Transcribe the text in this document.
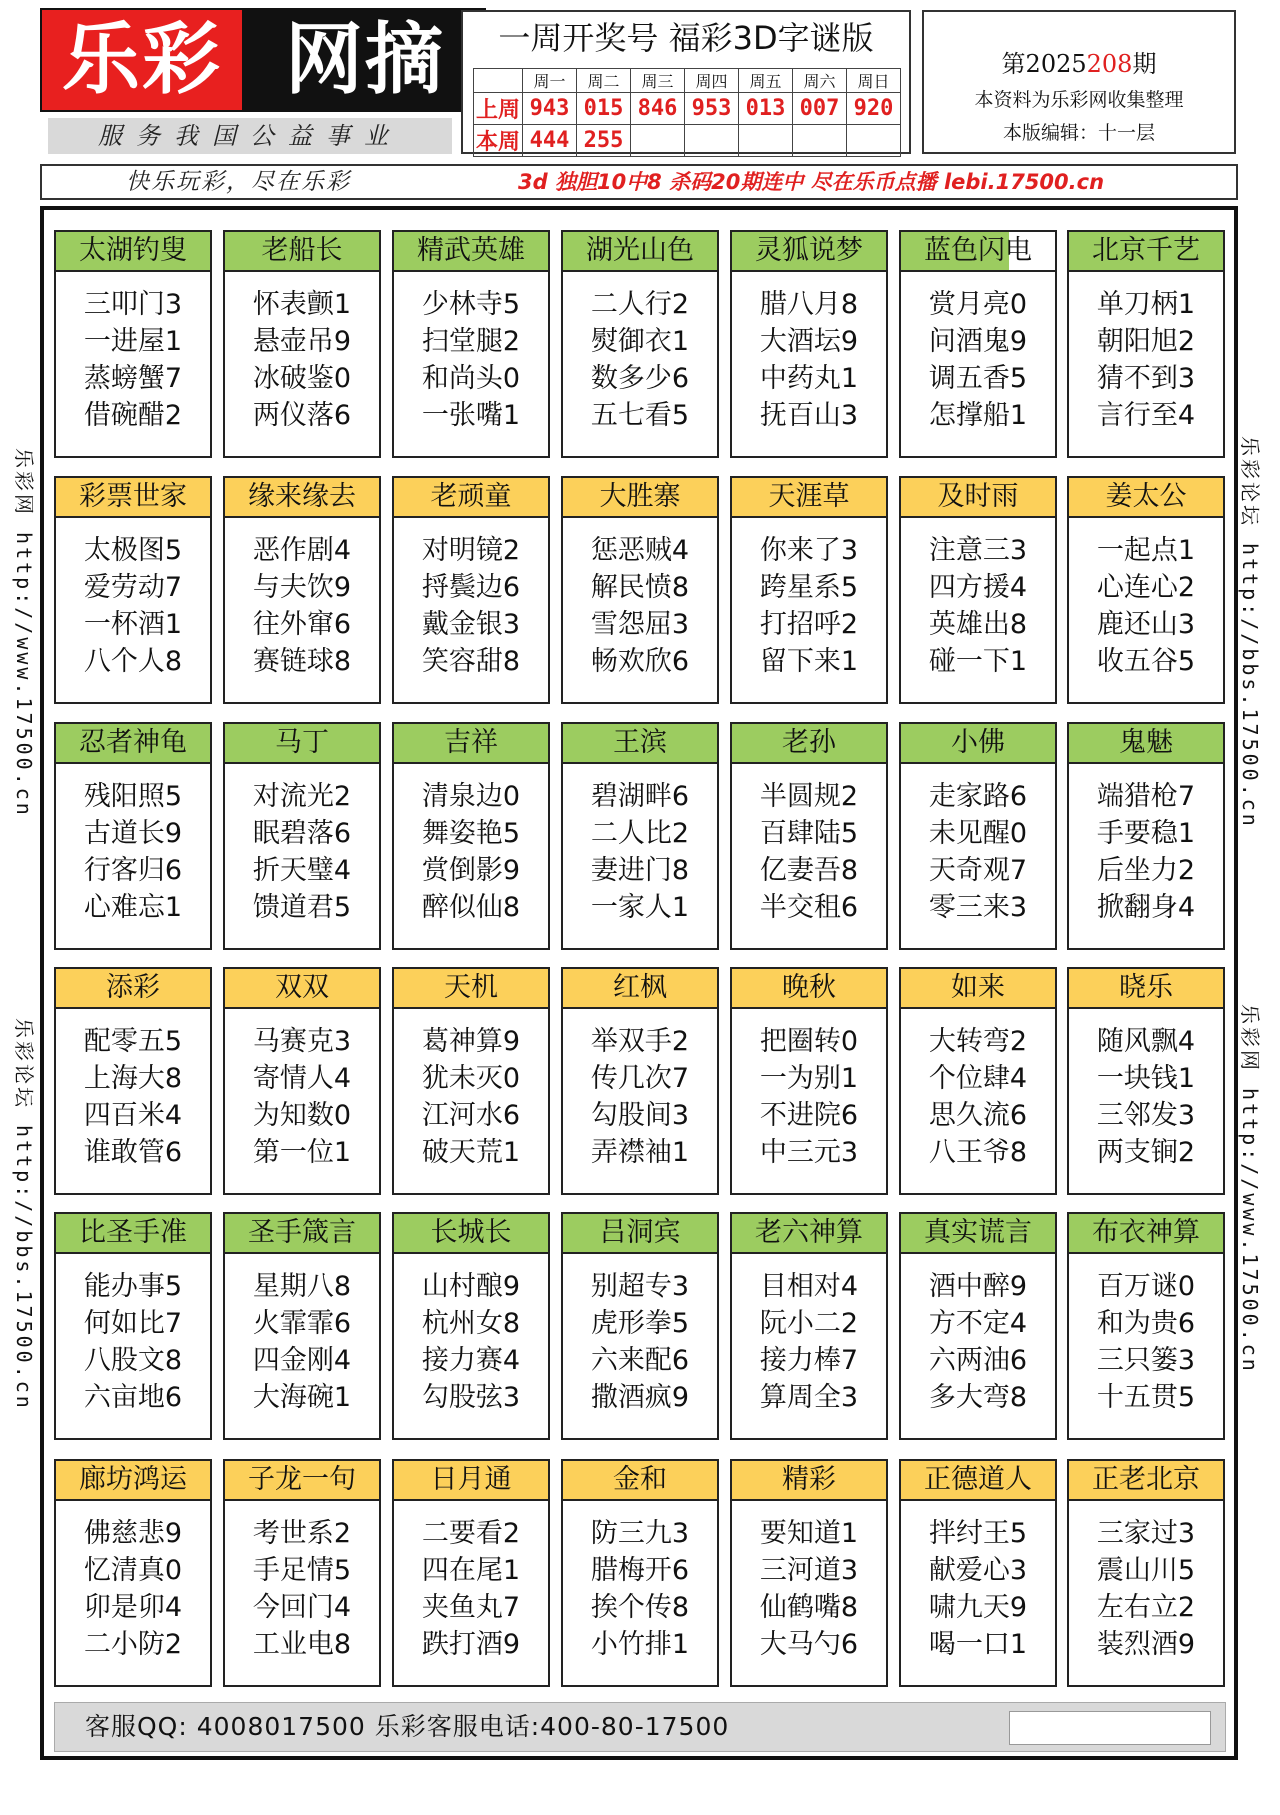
乐彩 网摘
服务我国公益事业
一周开奖号 福彩3D字谜版
	周一	周二	周三	周四	周五	周六	周日
上周	943	015	846	953	013	007	920
本周	444	255					
第2025208期
本资料为乐彩网收集整理
本版编辑：十一层
快乐玩彩，尽在乐彩	3d 独胆10中8 杀码20期连中 尽在乐币点播 lebi.17500.cn
乐彩网 http://www.17500.cn
乐彩论坛 http://bbs.17500.cn
乐彩论坛 http://bbs.17500.cn
乐彩网 http://www.17500.cn
太湖钓叟
三叩门3
一进屋1
蒸螃蟹7
借碗醋2
老船长
怀表颤1
悬壶吊9
冰破鉴0
两仪落6
精武英雄
少林寺5
扫堂腿2
和尚头0
一张嘴1
湖光山色
二人行2
熨御衣1
数多少6
五七看5
灵狐说梦
腊八月8
大酒坛9
中药丸1
抚百山3
蓝色闪电
赏月亮0
问酒鬼9
调五香5
怎撑船1
北京千艺
单刀柄1
朝阳旭2
猜不到3
言行至4
彩票世家
太极图5
爱劳动7
一杯酒1
八个人8
缘来缘去
恶作剧4
与夫饮9
往外窜6
赛链球8
老顽童
对明镜2
捋鬓边6
戴金银3
笑容甜8
大胜寨
惩恶贼4
解民愤8
雪怨屈3
畅欢欣6
天涯草
你来了3
跨星系5
打招呼2
留下来1
及时雨
注意三3
四方援4
英雄出8
碰一下1
姜太公
一起点1
心连心2
鹿还山3
收五谷5
忍者神龟
残阳照5
古道长9
行客归6
心难忘1
马丁
对流光2
眠碧落6
折天璧4
馈道君5
吉祥
清泉边0
舞姿艳5
赏倒影9
醉似仙8
王滨
碧湖畔6
二人比2
妻进门8
一家人1
老孙
半圆规2
百肆陆5
亿妻吾8
半交租6
小佛
走家路6
未见醒0
天奇观7
零三来3
鬼魅
端猎枪7
手要稳1
后坐力2
掀翻身4
添彩
配零五5
上海大8
四百米4
谁敢管6
双双
马赛克3
寄情人4
为知数0
第一位1
天机
葛神算9
犹未灭0
江河水6
破天荒1
红枫
举双手2
传几次7
勾股间3
弄襟袖1
晚秋
把圈转0
一为别1
不进院6
中三元3
如来
大转弯2
个位肆4
思久流6
八王爷8
晓乐
随风飘4
一块钱1
三邻发3
两支锏2
比圣手准
能办事5
何如比7
八股文8
六亩地6
圣手箴言
星期八8
火霏霏6
四金刚4
大海碗1
长城长
山村酿9
杭州女8
接力赛4
勾股弦3
吕洞宾
别超专3
虎形拳5
六来配6
撒酒疯9
老六神算
目相对4
阮小二2
接力棒7
算周全3
真实谎言
酒中醉9
方不定4
六两油6
多大弯8
布衣神算
百万谜0
和为贵6
三只篓3
十五贯5
廊坊鸿运
佛慈悲9
忆清真0
卯是卯4
二小防2
子龙一句
考世系2
手足情5
今回门4
工业电8
日月通
二要看2
四在尾1
夹鱼丸7
跌打酒9
金和
防三九3
腊梅开6
挨个传8
小竹排1
精彩
要知道1
三河道3
仙鹤嘴8
大马勺6
正德道人
拌纣王5
献爱心3
啸九天9
喝一口1
正老北京
三家过3
震山川5
左右立2
装烈酒9
客服QQ: 4008017500 乐彩客服电话:400-80-17500
